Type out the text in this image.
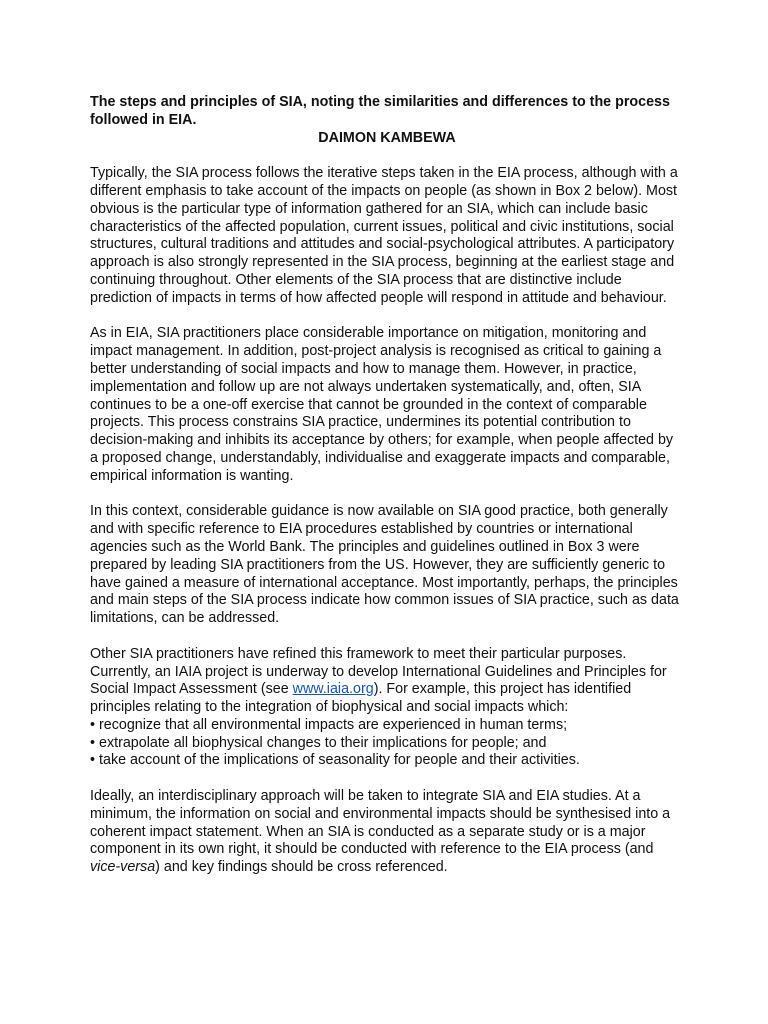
The steps and principles of SIA, noting the similarities and differences to the process followed in EIA.

DAIMON KAMBEWA

Typically, the SIA process follows the iterative steps taken in the EIA process, although with a different emphasis to take account of the impacts on people (as shown in Box 2 below). Most obvious is the particular type of information gathered for an SIA, which can include basic characteristics of the affected population, current issues, political and civic institutions, social structures, cultural traditions and attitudes and social-psychological attributes. A participatory approach is also strongly represented in the SIA process, beginning at the earliest stage and continuing throughout. Other elements of the SIA process that are distinctive include prediction of impacts in terms of how affected people will respond in attitude and behaviour.

As in EIA, SIA practitioners place considerable importance on mitigation, monitoring and impact management. In addition, post-project analysis is recognised as critical to gaining a better understanding of social impacts and how to manage them. However, in practice, implementation and follow up are not always undertaken systematically, and, often, SIA continues to be a one-off exercise that cannot be grounded in the context of comparable projects. This process constrains SIA practice, undermines its potential contribution to decision-making and inhibits its acceptance by others; for example, when people affected by a proposed change, understandably, individualise and exaggerate impacts and comparable, empirical information is wanting.

In this context, considerable guidance is now available on SIA good practice, both generally and with specific reference to EIA procedures established by countries or international agencies such as the World Bank. The principles and guidelines outlined in Box 3 were prepared by leading SIA practitioners from the US. However, they are sufficiently generic to have gained a measure of international acceptance. Most importantly, perhaps, the principles and main steps of the SIA process indicate how common issues of SIA practice, such as data limitations, can be addressed.

Other SIA practitioners have refined this framework to meet their particular purposes. Currently, an IAIA project is underway to develop International Guidelines and Principles for Social Impact Assessment (see www.iaia.org). For example, this project has identified principles relating to the integration of biophysical and social impacts which:
• recognize that all environmental impacts are experienced in human terms;
• extrapolate all biophysical changes to their implications for people; and
• take account of the implications of seasonality for people and their activities.

Ideally, an interdisciplinary approach will be taken to integrate SIA and EIA studies. At a minimum, the information on social and environmental impacts should be synthesised into a coherent impact statement. When an SIA is conducted as a separate study or is a major component in its own right, it should be conducted with reference to the EIA process (and vice-versa) and key findings should be cross referenced.
